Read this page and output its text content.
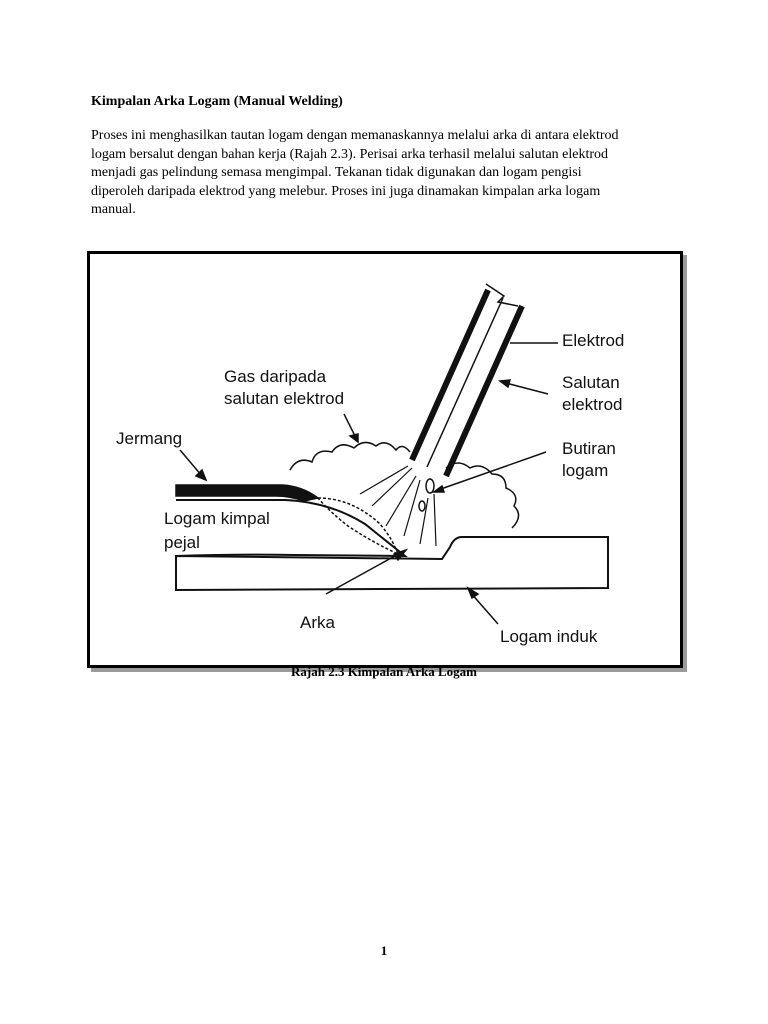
Kimpalan Arka Logam (Manual Welding)

Proses ini menghasilkan tautan logam dengan memanaskannya melalui arka di antara elektrod
logam bersalut dengan bahan kerja (Rajah 2.3). Perisai arka terhasil melalui salutan elektrod
menjadi gas pelindung semasa mengimpal. Tekanan tidak digunakan dan logam pengisi
diperoleh daripada elektrod yang melebur. Proses ini juga dinamakan kimpalan arka logam
manual.

Elektrod
Salutan
elektrod
Gas daripada
salutan elektrod
Jermang
Butiran
logam
Logam kimpal
pejal
Arka
Logam induk
Rajah 2.3 Kimpalan Arka Logam
1
